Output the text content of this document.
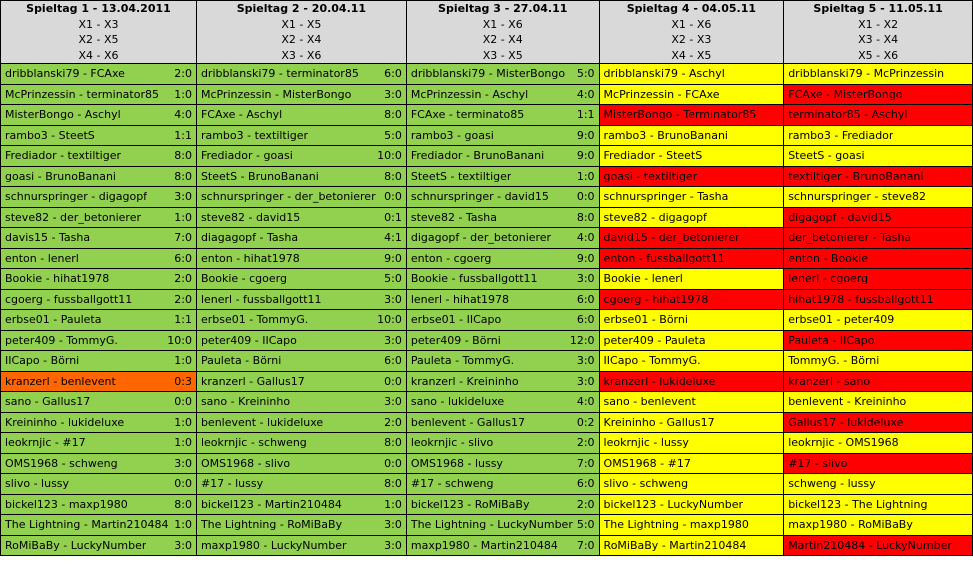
Spieltag 1 - 13.04.2011
X1 - X3
X2 - X5
X4 - X6	Spieltag 2 - 20.04.11
X1 - X5
X2 - X4
X3 - X6	Spieltag 3 - 27.04.11
X1 - X6
X2 - X4
X3 - X5	Spieltag 4 - 04.05.11
X1 - X6
X2 - X3
X4 - X5	Spieltag 5 - 11.05.11
X1 - X2
X3 - X4
X5 - X6

dribblanski79 - FCAxe 2:0	dribblanski79 - terminator85 6:0	dribblanski79 - MisterBongo 5:0	dribblanski79 - Aschyl	dribblanski79 - McPrinzessin

McPrinzessin - terminator85 1:0	McPrinzessin - MisterBongo 3:0	McPrinzessin - Aschyl 4:0	McPrinzessin - FCAxe	FCAxe - MisterBongo

MisterBongo - Aschyl 4:0	FCAxe - Aschyl 8:0	FCAxe - terminato85 1:1	MisterBongo - Terminator85	terminator85 - Aschyl

rambo3 - SteetS 1:1	rambo3 - textiltiger 5:0	rambo3 - goasi 9:0	rambo3 - BrunoBanani	rambo3 - Frediador

Frediador - textiltiger 8:0	Frediador - goasi 10:0	Frediador - BrunoBanani 9:0	Frediador - SteetS	SteetS - goasi

goasi - BrunoBanani 8:0	SteetS - BrunoBanani 8:0	SteetS - textiltiger 1:0	goasi - textiltiger	textiltiger - BrunoBanani

schnurspringer - digagopf 3:0	schnurspringer - der_betonierer 0:0	schnurspringer - david15 0:0	schnurspringer - Tasha	schnurspringer - steve82

steve82 - der_betonierer 1:0	steve82 - david15 0:1	steve82 - Tasha 8:0	steve82 - digagopf	digagopf - david15

davis15 - Tasha 7:0	diagagopf - Tasha 4:1	digagopf - der_betonierer 4:0	david15 - der_betonierer	der_betonierer - Tasha

enton - lenerl 6:0	enton - hihat1978 9:0	enton - cgoerg 9:0	enton - fussballgott11	enton - Bookie

Bookie - hihat1978 2:0	Bookie - cgoerg 5:0	Bookie - fussballgott11 3:0	Bookie - lenerl	lenerl - cgoerg

cgoerg - fussballgott11 2:0	lenerl - fussballgott11 3:0	lenerl - hihat1978 6:0	cgoerg - hihat1978	hihat1978 - fussballgott11

erbse01 - Pauleta 1:1	erbse01 - TommyG. 10:0	erbse01 - IICapo 6:0	erbse01 - Börni	erbse01 - peter409

peter409 - TommyG. 10:0	peter409 - IICapo 3:0	peter409 - Börni 12:0	peter409 - Pauleta	Pauleta - IICapo

IICapo - Börni 1:0	Pauleta - Börni 6:0	Pauleta - TommyG. 3:0	IICapo - TommyG.	TommyG. - Börni

kranzerl - benlevent 0:3	kranzerl - Gallus17 0:0	kranzerl - Kreininho 3:0	kranzerl - lukideluxe	kranzerl - sano

sano - Gallus17 0:0	sano - Kreininho 3:0	sano - lukideluxe 4:0	sano - benlevent	benlevent - Kreininho

Kreininho - lukideluxe 1:0	benlevent - lukideluxe 2:0	benlevent - Gallus17 0:2	Kreininho - Gallus17	Gallus17 - lukideluxe

leokrnjic - #17 1:0	leokrnjic - schweng 8:0	leokrnjic - slivo 2:0	leokrnjic - lussy	leokrnjic - OMS1968

OMS1968 - schweng 3:0	OMS1968 - slivo 0:0	OMS1968 - lussy 7:0	OMS1968 - #17	#17 - slivo

slivo - lussy 0:0	#17 - lussy 8:0	#17 - schweng 6:0	slivo - schweng	schweng - lussy

bickel123 - maxp1980 8:0	bickel123 - Martin210484 1:0	bickel123 - RoMiBaBy 2:0	bickel123 - LuckyNumber	bickel123 - The Lightning

The Lightning - Martin210484 1:0	The Lightning - RoMiBaBy 3:0	The Lightning - LuckyNumber 5:0	The Lightning - maxp1980	maxp1980 - RoMiBaBy

RoMiBaBy - LuckyNumber 3:0	maxp1980 - LuckyNumber 3:0	maxp1980 - Martin210484 7:0	RoMiBaBy - Martin210484	Martin210484 - LuckyNumber
